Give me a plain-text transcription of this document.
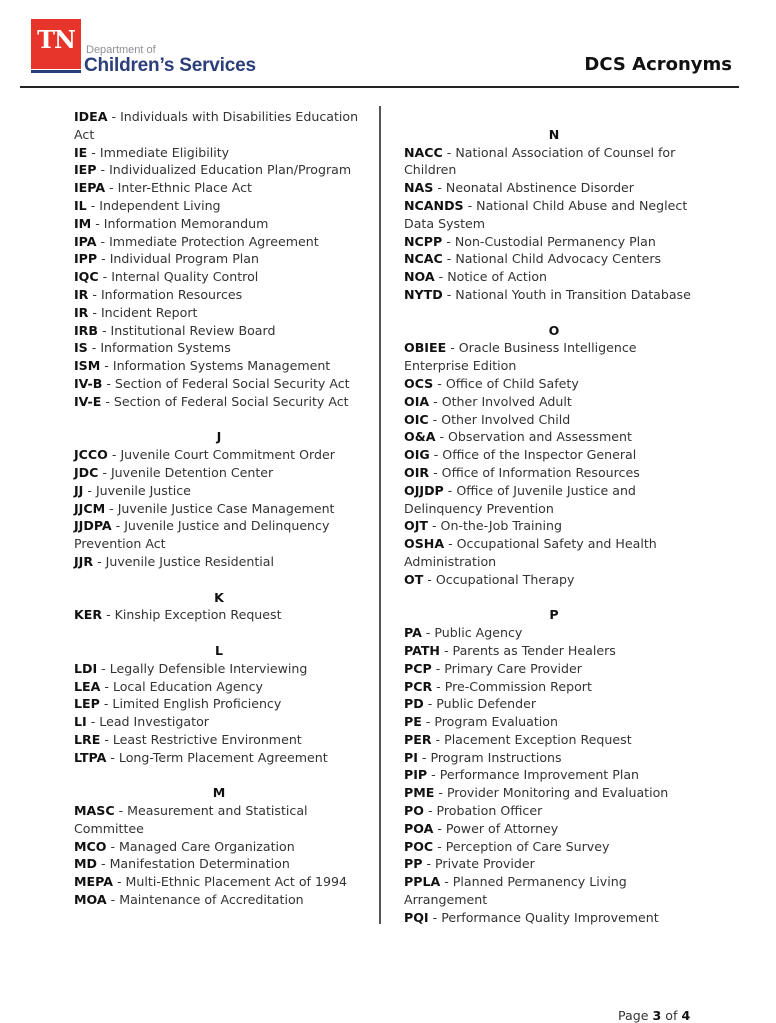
TN	Department of
Children’s Services	DCS Acronyms

IDEA - Individuals with Disabilities Education Act

IE - Immediate Eligibility

IEP - Individualized Education Plan/Program

IEPA - Inter-Ethnic Place Act

IL - Independent Living

IM - Information Memorandum

IPA - Immediate Protection Agreement

IPP - Individual Program Plan

IQC - Internal Quality Control

IR - Information Resources

IR - Incident Report

IRB - Institutional Review Board

IS - Information Systems

ISM - Information Systems Management

IV-B - Section of Federal Social Security Act

IV-E - Section of Federal Social Security Act

J

JCCO - Juvenile Court Commitment Order

JDC - Juvenile Detention Center

JJ - Juvenile Justice

JJCM - Juvenile Justice Case Management

JJDPA - Juvenile Justice and Delinquency Prevention Act

JJR - Juvenile Justice Residential

K

KER - Kinship Exception Request

L

LDI - Legally Defensible Interviewing

LEA - Local Education Agency

LEP - Limited English Proficiency

LI - Lead Investigator

LRE - Least Restrictive Environment

LTPA - Long-Term Placement Agreement

M

MASC - Measurement and Statistical Committee

MCO - Managed Care Organization

MD - Manifestation Determination

MEPA - Multi-Ethnic Placement Act of 1994

MOA - Maintenance of Accreditation

N

NACC - National Association of Counsel for Children

NAS - Neonatal Abstinence Disorder

NCANDS - National Child Abuse and Neglect Data System

NCPP - Non-Custodial Permanency Plan

NCAC - National Child Advocacy Centers

NOA - Notice of Action

NYTD - National Youth in Transition Database

O

OBIEE - Oracle Business Intelligence Enterprise Edition

OCS - Office of Child Safety

OIA - Other Involved Adult

OIC - Other Involved Child

O&A - Observation and Assessment

OIG - Office of the Inspector General

OIR - Office of Information Resources

OJJDP - Office of Juvenile Justice and Delinquency Prevention

OJT - On-the-Job Training

OSHA - Occupational Safety and Health Administration

OT - Occupational Therapy

P

PA - Public Agency

PATH - Parents as Tender Healers

PCP - Primary Care Provider

PCR - Pre-Commission Report

PD - Public Defender

PE - Program Evaluation

PER - Placement Exception Request

PI - Program Instructions

PIP - Performance Improvement Plan

PME - Provider Monitoring and Evaluation

PO - Probation Officer

POA - Power of Attorney

POC - Perception of Care Survey

PP - Private Provider

PPLA - Planned Permanency Living Arrangement

PQI - Performance Quality Improvement

Page 3 of 4
